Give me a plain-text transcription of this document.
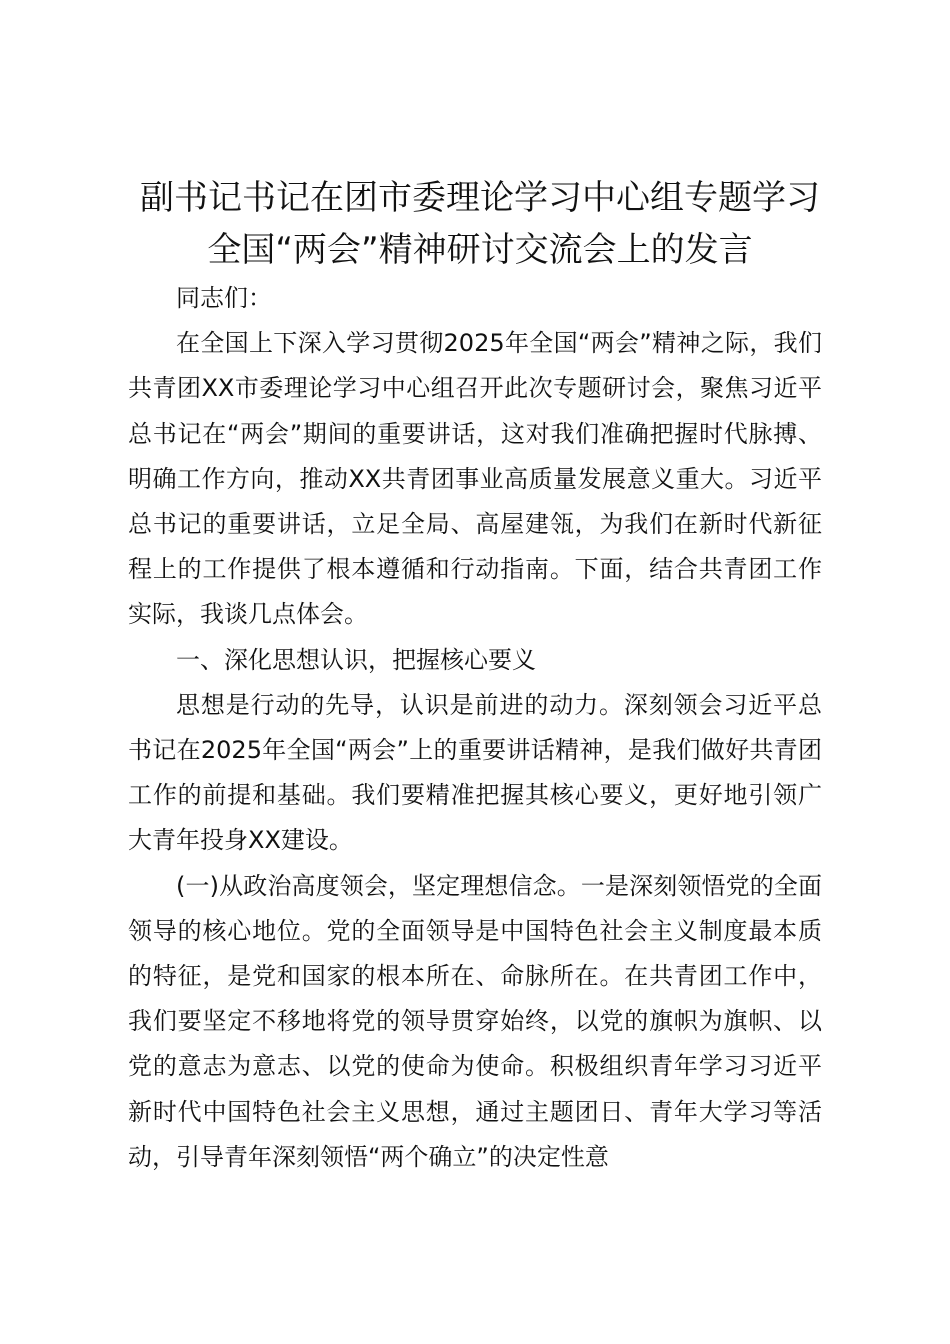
副书记书记在团市委理论学习中心组专题学习
全国“两会”精神研讨交流会上的发言

同志们：

在全国上下深入学习贯彻2025年全国“两会”精神之际，我们共青团XX市委理论学习中心组召开此次专题研讨会，聚焦习近平总书记在“两会”期间的重要讲话，这对我们准确把握时代脉搏、明确工作方向，推动XX共青团事业高质量发展意义重大。习近平总书记的重要讲话，立足全局、高屋建瓴，为我们在新时代新征程上的工作提供了根本遵循和行动指南。下面，结合共青团工作实际，我谈几点体会。

一、深化思想认识，把握核心要义

思想是行动的先导，认识是前进的动力。深刻领会习近平总书记在2025年全国“两会”上的重要讲话精神，是我们做好共青团工作的前提和基础。我们要精准把握其核心要义，更好地引领广大青年投身XX建设。

(一)从政治高度领会，坚定理想信念。一是深刻领悟党的全面领导的核心地位。党的全面领导是中国特色社会主义制度最本质的特征，是党和国家的根本所在、命脉所在。在共青团工作中，我们要坚定不移地将党的领导贯穿始终，以党的旗帜为旗帜、以党的意志为意志、以党的使命为使命。积极组织青年学习习近平新时代中国特色社会主义思想，通过主题团日、青年大学习等活动，引导青年深刻领悟“两个确立”的决定性意
